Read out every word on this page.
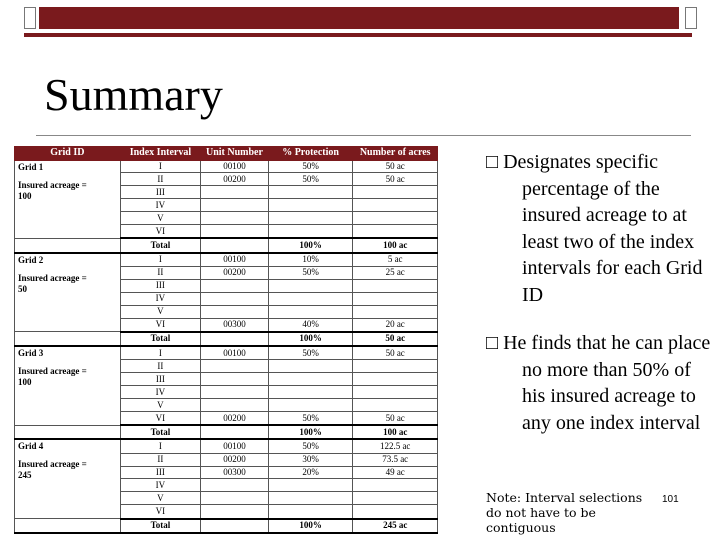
Summary
Grid ID	Index Interval	Unit Number	% Protection	Number of acres

Grid 1
Insured acreage =
100	I	00100	50%	50 ac
	II	00200	50%	50 ac
	III			
	IV			
	V			
	VI			
	Total		100%	100 ac

Grid 2
Insured acreage =
50	I	00100	10%	5 ac
	II	00200	50%	25 ac
	III			
	IV			
	V			
	VI	00300	40%	20 ac
	Total		100%	50 ac

Grid 3
Insured acreage =
100	I	00100	50%	50 ac
	II			
	III			
	IV			
	V			
	VI	00200	50%	50 ac
	Total		100%	100 ac

Grid 4
Insured acreage =
245	I	00100	50%	122.5 ac
	II	00200	30%	73.5 ac
	III	00300	20%	49 ac
	IV			
	V			
	VI			
	Total		100%	245 ac
□ Designates specific percentage of the insured acreage to at least two of the index intervals for each Grid ID
□ He finds that he can place no more than 50% of his insured acreage to any one index interval
Note: Interval selections do not have to be contiguous
101
